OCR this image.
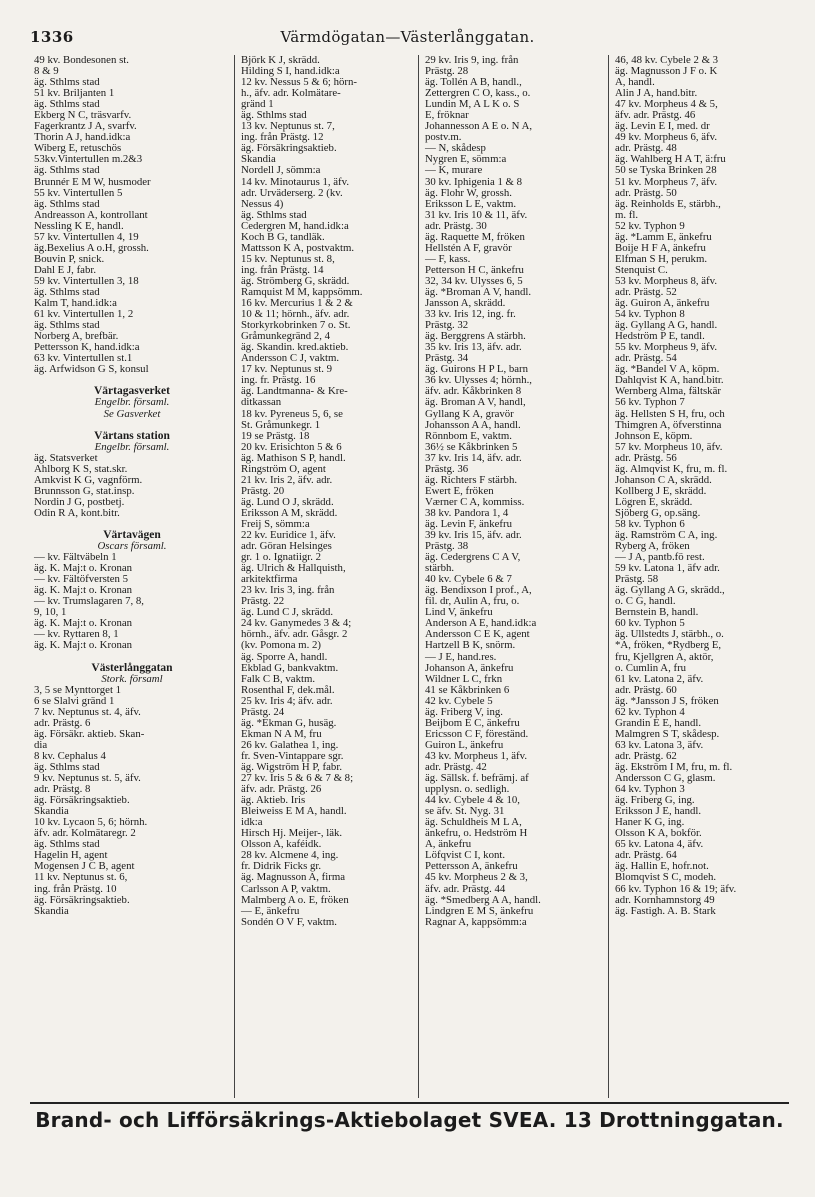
1336	Värmdögatan—Västerlånggatan.
49 kv. Bondesonen st.
8 & 9
äg. Sthlms stad
51 kv. Briljanten 1
äg. Sthlms stad
Ekberg N C, träsvarfv.
Fagerkrantz J A, svarfv.
Thorin A J, hand.idk:a
Wiberg E, retuschös
53kv.Vintertullen m.2&3
äg. Sthlms stad
Brunnér E M W, husmoder
55 kv. Vintertullen 5
äg. Sthlms stad
Andreasson A, kontrollant
Nessling K E, handl.
57 kv. Vintertullen 4, 19
äg.Bexelius A o.H, grossh.
Bouvin P, snick.
Dahl E J, fabr.
59 kv. Vintertullen 3, 18
äg. Sthlms stad
Kalm T, hand.idk:a
61 kv. Vintertullen 1, 2
äg. Sthlms stad
Norberg A, brefbär.
Pettersson K, hand.idk:a
63 kv. Vintertullen st.1
äg. Arfwidson G S, konsul
Värtagasverket
Engelbr. församl.
Se Gasverket
Värtans station
Engelbr. församl.
äg. Statsverket
Ahlborg K S, stat.skr.
Amkvist K G, vagnförm.
Brunnsson G, stat.insp.
Nordin J G, postbetj.
Odin R A, kont.bitr.
Värtavägen
Oscars församl.
— kv. Fältväbeln 1
äg. K. Maj:t o. Kronan
— kv. Fältöfversten 5
äg. K. Maj:t o. Kronan
— kv. Trumslagaren 7, 8,
9, 10, 1
äg. K. Maj:t o. Kronan
— kv. Ryttaren 8, 1
äg. K. Maj:t o. Kronan
Västerlånggatan
Stork. församl
3, 5 se Mynttorget 1
6 se Slalvi gränd 1
7 kv. Neptunus st. 4, äfv.
adr. Prästg. 6
äg. Försäkr. aktieb. Skan-
dia
8 kv. Cephalus 4
äg. Sthlms stad
9 kv. Neptunus st. 5, äfv.
adr. Prästg. 8
äg. Försäkringsaktieb.
Skandia
10 kv. Lycaon 5, 6; hörnh.
äfv. adr. Kolmätaregr. 2
äg. Sthlms stad
Hagelin H, agent
Mogensen J C B, agent
11 kv. Neptunus st. 6,
ing. från Prästg. 10
äg. Försäkringsaktieb.
Skandia
Björk K J, skrädd.
Hilding S I, hand.idk:a
12 kv. Nessus 5 & 6; hörn-
h., äfv. adr. Kolmätare-
gränd 1
äg. Sthlms stad
13 kv. Neptunus st. 7,
ing. från Prästg. 12
äg. Försäkringsaktieb.
Skandia
Nordell J, sömm:a
14 kv. Minotaurus 1, äfv.
adr. Urväderserg. 2 (kv.
Nessus 4)
äg. Sthlms stad
Cedergren M, hand.idk:a
Koch B G, tandläk.
Mattsson K A, postvaktm.
15 kv. Neptunus st. 8,
ing. från Prästg. 14
äg. Strömberg G, skrädd.
Ramquist M M, kappsömm.
16 kv. Mercurius 1 & 2 &
10 & 11; hörnh., äfv. adr.
Storkyrkobrinken 7 o. St.
Gråmunkegränd 2, 4
äg. Skandin. kred.aktieb.
Andersson C J, vaktm.
17 kv. Neptunus st. 9
ing. fr. Prästg. 16
äg. Landtmanna- & Kre-
ditkassan
18 kv. Pyreneus 5, 6, se
St. Gråmunkegr. 1
19 se Prästg. 18
20 kv. Erisichton 5 & 6
äg. Mathison S P, handl.
Ringström O, agent
21 kv. Iris 2, äfv. adr.
Prästg. 20
äg. Lund O J, skrädd.
Eriksson A M, skrädd.
Freij S, sömm:a
22 kv. Euridice 1, äfv.
adr. Göran Helsinges
gr. 1 o. Ignatiigr. 2
äg. Ulrich & Hallquisth,
arkitektfirma
23 kv. Iris 3, ing. från
Prästg. 22
äg. Lund C J, skrädd.
24 kv. Ganymedes 3 & 4;
hörnh., äfv. adr. Gåsgr. 2
(kv. Pomona m. 2)
äg. Sporre A, handl.
Ekblad G, bankvaktm.
Falk C B, vaktm.
Rosenthal F, dek.mål.
25 kv. Iris 4; äfv. adr.
Prästg. 24
äg. *Ekman G, husäg.
Ekman N A M, fru
26 kv. Galathea 1, ing.
fr. Sven-Vintappare sgr.
äg. Wigström H P, fabr.
27 kv. Iris 5 & 6 & 7 & 8;
äfv. adr. Prästg. 26
äg. Aktieb. Iris
Bleiweiss E M A, handl.
idk:a
Hirsch Hj. Meijer-, läk.
Olsson A, kaféidk.
28 kv. Alcmene 4, ing.
fr. Didrik Ficks gr.
äg. Magnusson A, firma
Carlsson A P, vaktm.
Malmberg A o. E, fröken
— E, änkefru
Sondén O V F, vaktm.
29 kv. Iris 9, ing. från
Prästg. 28
äg. Tollén A B, handl.,
Zettergren C O, kass., o.
Lundin M, A L K o. S
E, fröknar
Johannesson A E o. N A,
postv.m.
— N, skådesp
Nygren E, sömm:a
— K, murare
30 kv. Iphigenia 1 & 8
äg. Flohr W, grossh.
Eriksson L E, vaktm.
31 kv. Iris 10 & 11, äfv.
adr. Prästg. 30
äg. Raquette M, fröken
Hellstén A F, gravör
— F, kass.
Petterson H C, änkefru
32, 34 kv. Ulysses 6, 5
äg. *Broman A V, handl.
Jansson A, skrädd.
33 kv. Iris 12, ing. fr.
Prästg. 32
äg. Berggrens A stärbh.
35 kv. Iris 13, äfv. adr.
Prästg. 34
äg. Guirons H P L, barn
36 kv. Ulysses 4; hörnh.,
äfv. adr. Kåkbrinken 8
äg. Broman A V, handl,
Gyllang K A, gravör
Johansson A A, handl.
Rönnbom E, vaktm.
36½ se Kåkbrinken 5
37 kv. Iris 14, äfv. adr.
Prästg. 36
äg. Richters F stärbh.
Ewert E, fröken
Værner C A, kommiss.
38 kv. Pandora 1, 4
äg. Levin F, änkefru
39 kv. Iris 15, äfv. adr.
Prästg. 38
äg. Cedergrens C A V,
stärbh.
40 kv. Cybele 6 & 7
äg. Bendixson I prof., A,
fil. dr, Aulin A, fru, o.
Lind V, änkefru
Anderson A E, hand.idk:a
Andersson C E K, agent
Hartzell B K, snörm.
— J E, hand.res.
Johanson A, änkefru
Wildner L C, frkn
41 se Kåkbrinken 6
42 kv. Cybele 5
äg. Friberg V, ing.
Beijbom E C, änkefru
Ericsson C F, föreständ.
Guiron L, änkefru
43 kv. Morpheus 1, äfv.
adr. Prästg. 42
äg. Sällsk. f. befrämj. af
upplysn. o. sedligh.
44 kv. Cybele 4 & 10,
se äfv. St. Nyg. 31
äg. Schuldheis M L A,
änkefru, o. Hedström H
A, änkefru
Löfqvist C I, kont.
Pettersson A, änkefru
45 kv. Morpheus 2 & 3,
äfv. adr. Prästg. 44
äg. *Smedberg A A, handl.
Lindgren E M S, änkefru
Ragnar A, kappsömm:a
46, 48 kv. Cybele 2 & 3
äg. Magnusson J F o. K
A, handl.
Alin J A, hand.bitr.
47 kv. Morpheus 4 & 5,
äfv. adr. Prästg. 46
äg. Levin E I, med. dr
49 kv. Morpheus 6, äfv.
adr. Prästg. 48
äg. Wahlberg H A T, ä:fru
50 se Tyska Brinken 28
51 kv. Morpheus 7, äfv.
adr. Prästg. 50
äg. Reinholds E, stärbh.,
m. fl.
52 kv. Typhon 9
äg. *Lamm E, änkefru
Boije H F A, änkefru
Elfman S H, perukm.
Stenquist C.
53 kv. Morpheus 8, äfv.
adr. Prästg. 52
äg. Guiron A, änkefru
54 kv. Typhon 8
äg. Gyllang A G, handl.
Hedström P E, tandl.
55 kv. Morpheus 9, äfv.
adr. Prästg. 54
äg. *Bandel V A, köpm.
Dahlqvist K A, hand.bitr.
Wernberg Alma, fältskär
56 kv. Typhon 7
äg. Hellsten S H, fru, och
Thimgren A, öfverstinna
Johnson E, köpm.
57 kv. Morpheus 10, äfv.
adr. Prästg. 56
äg. Almqvist K, fru, m. fl.
Johanson C A, skrädd.
Kollberg J E, skrädd.
Lögren E, skrädd.
Sjöberg G, op.säng.
58 kv. Typhon 6
äg. Ramström C A, ing.
Ryberg A, fröken
— J A, pantb.fö rest.
59 kv. Latona 1, äfv adr.
Prästg. 58
äg. Gyllang A G, skrädd.,
o. C G, handl.
Bernstein B, handl.
60 kv. Typhon 5
äg. Ullstedts J, stärbh., o.
*A, fröken, *Rydberg E,
fru, Kjellgren A, aktör,
o. Cumlin A, fru
61 kv. Latona 2, äfv.
adr. Prästg. 60
äg. *Jansson J S, fröken
62 kv. Typhon 4
Grandin E E, handl.
Malmgren S T, skådesp.
63 kv. Latona 3, äfv.
adr. Prästg. 62
äg. Ekström I M, fru, m. fl.
Andersson C G, glasm.
64 kv. Typhon 3
äg. Friberg G, ing.
Eriksson J E, handl.
Haner K G, ing.
Olsson K A, bokför.
65 kv. Latona 4, äfv.
adr. Prästg. 64
äg. Hallin E, hofr.not.
Blomqvist S C, modeh.
66 kv. Typhon 16 & 19; äfv.
adr. Kornhamnstorg 49
äg. Fastigh. A. B. Stark
Brand- och Lifförsäkrings-Aktiebolaget SVEA. 13 Drottninggatan.
